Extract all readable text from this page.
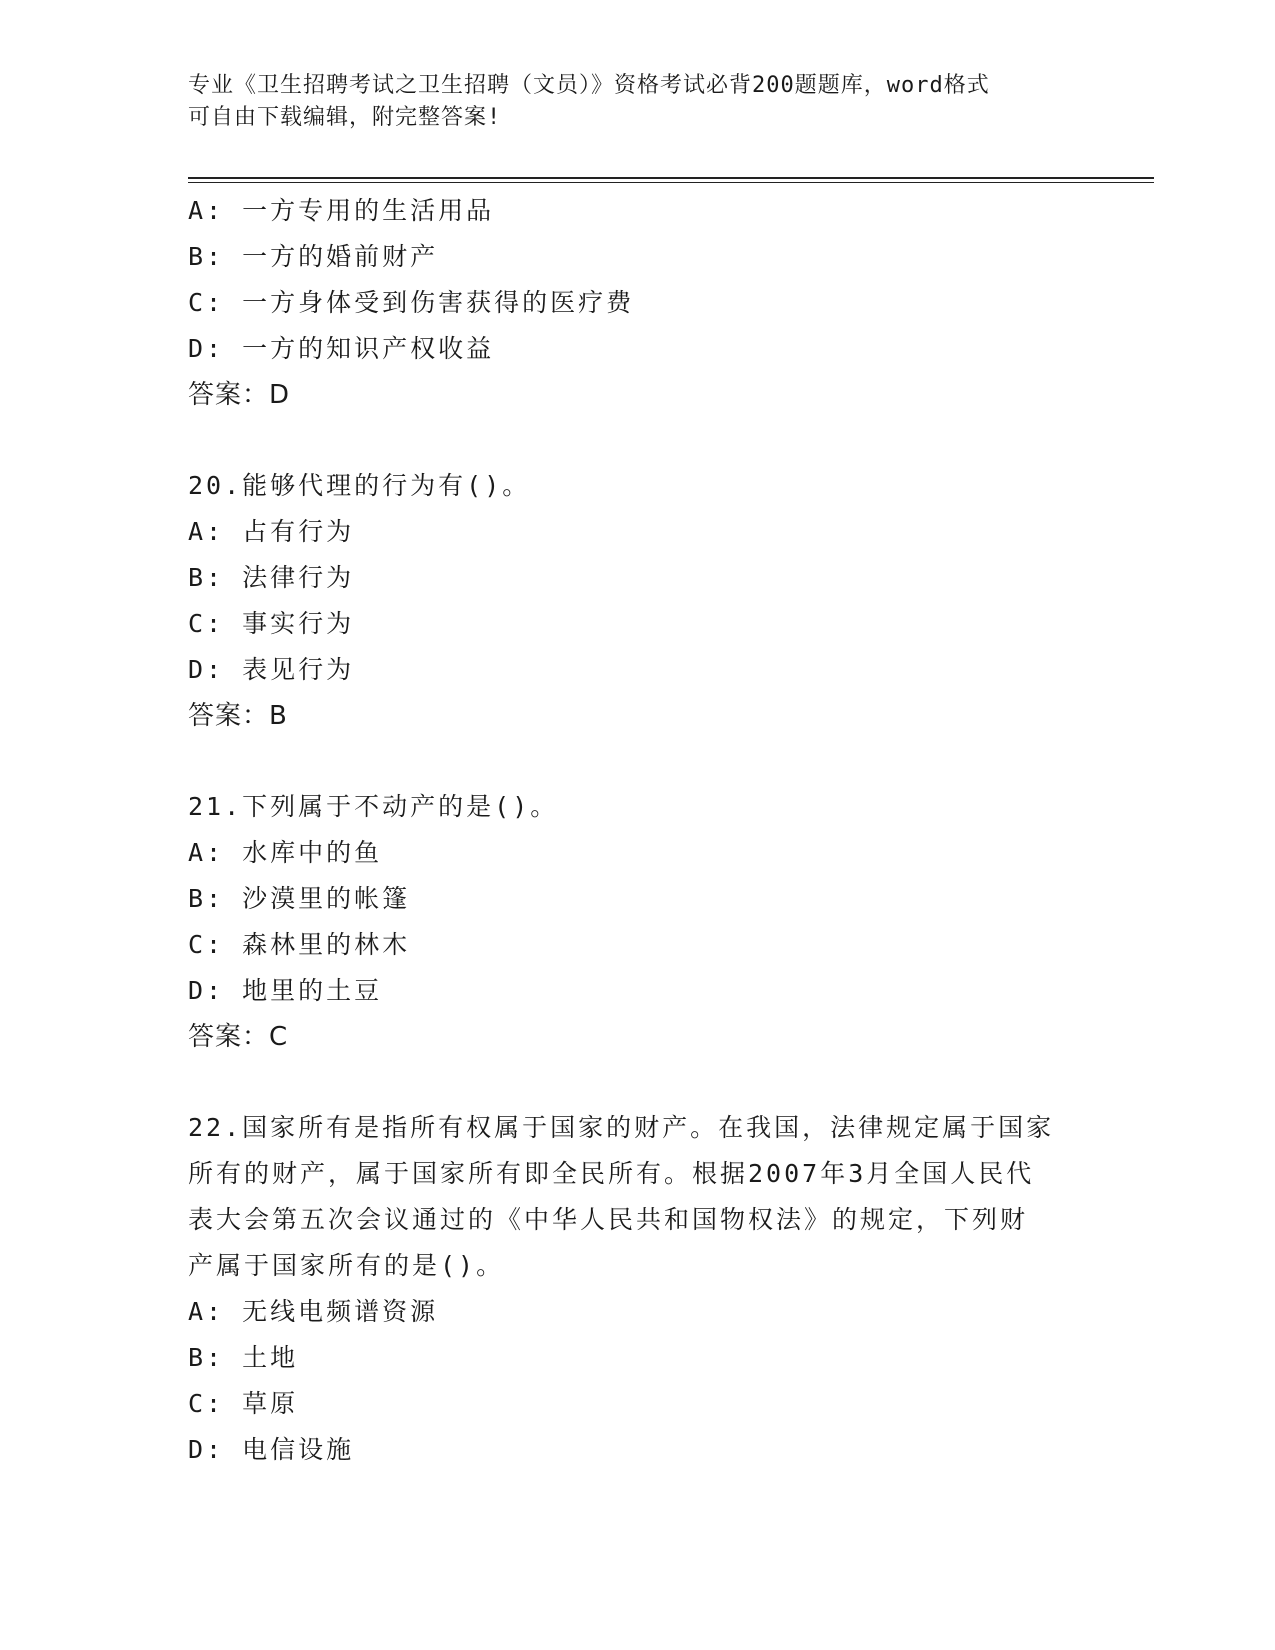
专业《卫生招聘考试之卫生招聘（文员）》资格考试必背200题题库，word格式
可自由下载编辑，附完整答案!
A: 一方专用的生活用品
B: 一方的婚前财产
C: 一方身体受到伤害获得的医疗费
D: 一方的知识产权收益
答案：D
20.能够代理的行为有()。
A: 占有行为
B: 法律行为
C: 事实行为
D: 表见行为
答案：B
21.下列属于不动产的是()。
A: 水库中的鱼
B: 沙漠里的帐篷
C: 森林里的林木
D: 地里的土豆
答案：C
22.国家所有是指所有权属于国家的财产。在我国，法律规定属于国家
所有的财产，属于国家所有即全民所有。根据2007年3月全国人民代
表大会第五次会议通过的《中华人民共和国物权法》的规定，下列财
产属于国家所有的是()。
A: 无线电频谱资源
B: 土地
C: 草原
D: 电信设施
